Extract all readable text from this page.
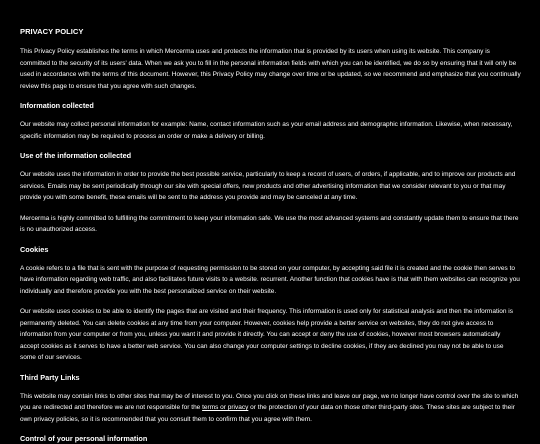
PRIVACY POLICY

This Privacy Policy establishes the terms in which Mercerma uses and protects the information that is provided by its users when using its website. This company is committed to the security of its users' data. When we ask you to fill in the personal information fields with which you can be identified, we do so by ensuring that it will only be used in accordance with the terms of this document. However, this Privacy Policy may change over time or be updated, so we recommend and emphasize that you continually review this page to ensure that you agree with such changes.

Information collected

Our website may collect personal information for example: Name, contact information such as your email address and demographic information. Likewise, when necessary, specific information may be required to process an order or make a delivery or billing.

Use of the information collected

Our website uses the information in order to provide the best possible service, particularly to keep a record of users, of orders, if applicable, and to improve our products and services. Emails may be sent periodically through our site with special offers, new products and other advertising information that we consider relevant to you or that may provide you with some benefit, these emails will be sent to the address you provide and may be canceled at any time.

Mercerma is highly committed to fulfilling the commitment to keep your information safe. We use the most advanced systems and constantly update them to ensure that there is no unauthorized access.

Cookies

A cookie refers to a file that is sent with the purpose of requesting permission to be stored on your computer, by accepting said file it is created and the cookie then serves to have information regarding web traffic, and also facilitates future visits to a website. recurrent. Another function that cookies have is that with them websites can recognize you individually and therefore provide you with the best personalized service on their website.

Our website uses cookies to be able to identify the pages that are visited and their frequency. This information is used only for statistical analysis and then the information is permanently deleted. You can delete cookies at any time from your computer. However, cookies help provide a better service on websites, they do not give access to information from your computer or from you, unless you want it and provide it directly. You can accept or deny the use of cookies, however most browsers automatically accept cookies as it serves to have a better web service. You can also change your computer settings to decline cookies, if they are declined you may not be able to use some of our services.

Third Party Links

This website may contain links to other sites that may be of interest to you. Once you click on these links and leave our page, we no longer have control over the site to which you are redirected and therefore we are not responsible for the terms or privacy or the protection of your data on those other third-party sites. These sites are subject to their own privacy policies, so it is recommended that you consult them to confirm that you agree with them.

Control of your personal information
